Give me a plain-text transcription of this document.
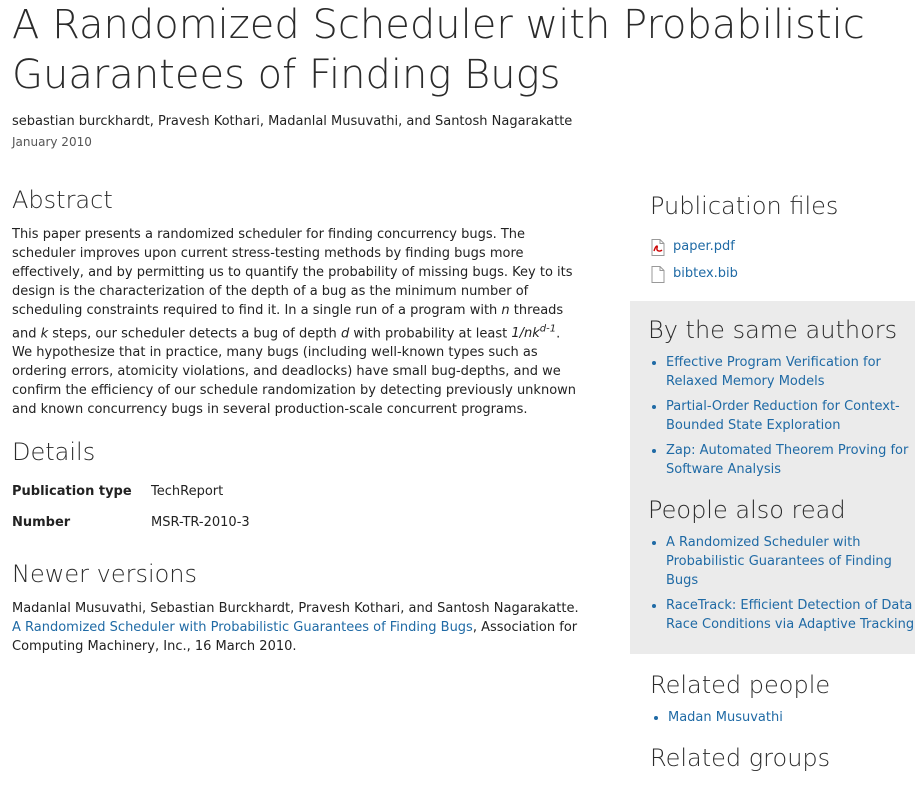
A Randomized Scheduler with Probabilistic Guarantees of Finding Bugs
sebastian burckhardt, Pravesh Kothari, Madanlal Musuvathi, and Santosh Nagarakatte
January 2010
Abstract

This paper presents a randomized scheduler for finding concurrency bugs. The scheduler improves upon current stress-testing methods by finding bugs more effectively, and by permitting us to quantify the probability of missing bugs. Key to its design is the characterization of the depth of a bug as the minimum number of scheduling constraints required to find it. In a single run of a program with n threads and k steps, our scheduler detects a bug of depth d with probability at least $1/nk^{d-1}$. We hypothesize that in practice, many bugs (including well-known types such as ordering errors, atomicity violations, and deadlocks) have small bug-depths, and we confirm the efficiency of our schedule randomization by detecting previously unknown and known concurrency bugs in several production-scale concurrent programs.

Details
Publication type	TechReport
Number	MSR-TR-2010-3
Newer versions
Madanlal Musuvathi, Sebastian Burckhardt, Pravesh Kothari, and Santosh Nagarakatte. A Randomized Scheduler with Probabilistic Guarantees of Finding Bugs, Association for Computing Machinery, Inc., 16 March 2010.
Publication files
paper.pdf
bibtex.bib
By the same authors
• Effective Program Verification for Relaxed Memory Models
• Partial-Order Reduction for Context-Bounded State Exploration
• Zap: Automated Theorem Proving for Software Analysis
People also read
• A Randomized Scheduler with Probabilistic Guarantees of Finding Bugs
• RaceTrack: Efficient Detection of Data Race Conditions via Adaptive Tracking
Related people
• Madan Musuvathi
Related groups
